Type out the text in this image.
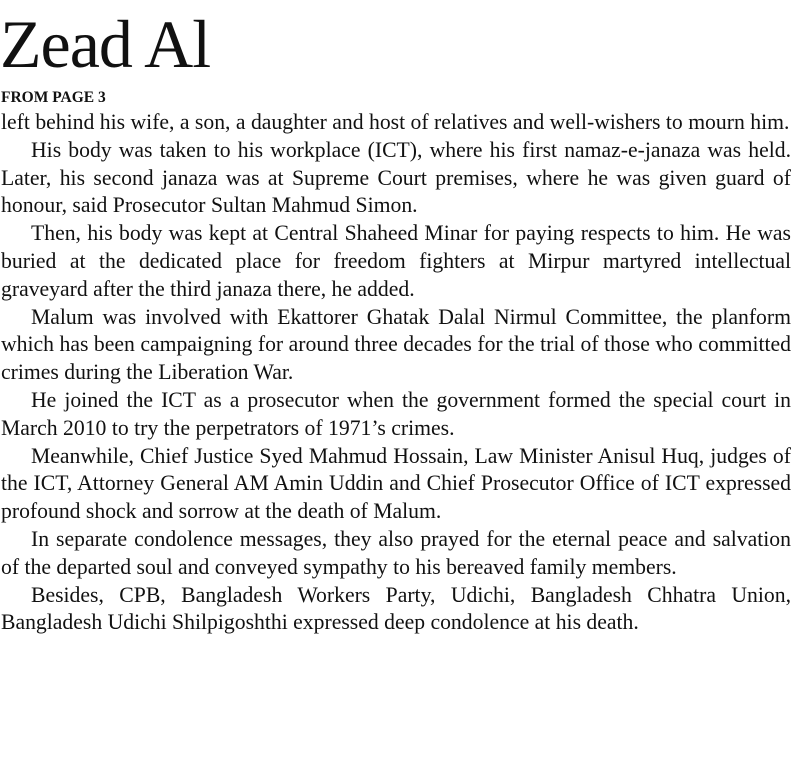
Zead Al
FROM PAGE 3

left behind his wife, a son, a daughter and host of relatives and well-wishers to mourn him.

His body was taken to his workplace (ICT), where his first namaz-e-janaza was held. Later, his second janaza was at Supreme Court premises, where he was given guard of honour, said Prosecutor Sultan Mahmud Simon.

Then, his body was kept at Central Shaheed Minar for paying respects to him. He was buried at the dedicated place for freedom fighters at Mirpur martyred intellectual graveyard after the third janaza there, he added.

Malum was involved with Ekattorer Ghatak Dalal Nirmul Committee, the planform which has been campaigning for around three decades for the trial of those who committed crimes during the Liberation War.

He joined the ICT as a prosecutor when the government formed the special court in March 2010 to try the perpetrators of 1971’s crimes.

Meanwhile, Chief Justice Syed Mahmud Hossain, Law Minister Anisul Huq, judges of the ICT, Attorney General AM Amin Uddin and Chief Prosecutor Office of ICT expressed profound shock and sorrow at the death of Malum.

In separate condolence messages, they also prayed for the eternal peace and salvation of the departed soul and conveyed sympathy to his bereaved family members.

Besides, CPB, Bangladesh Workers Party, Udichi, Bangladesh Chhatra Union, Bangladesh Udichi Shilpigoshthi expressed deep condolence at his death.
